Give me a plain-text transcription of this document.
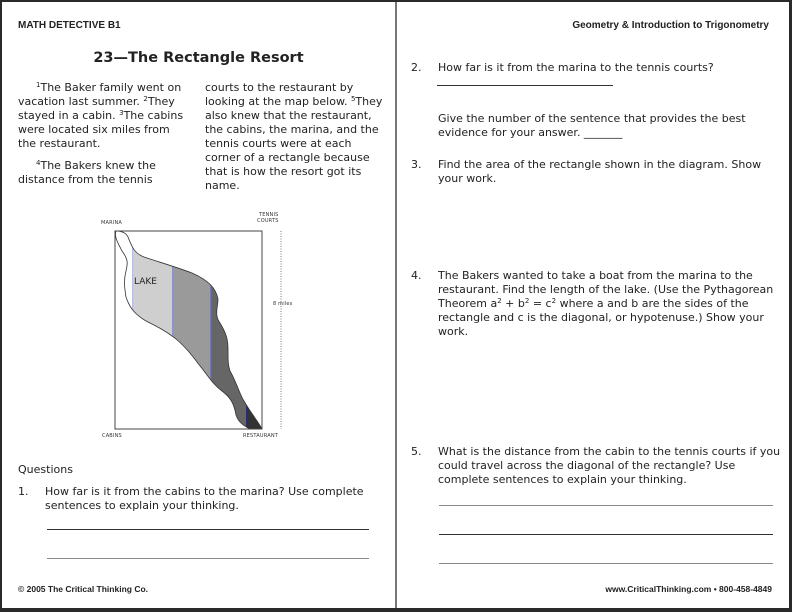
MATH DETECTIVE B1	Geometry & Introduction to Trigonometry
23—The Rectangle Resort

$^1$The Baker family went on vacation last summer. $^2$They stayed in a cabin. $^3$The cabins were located six miles from the restaurant.

$^4$The Bakers knew the distance from the tennis

courts to the restaurant by looking at the map below. $^5$They also knew that the restaurant, the cabins, the marina, and the tennis courts were at each corner of a rectangle because that is how the resort got its name.

MARINA
TENNIS
COURTS
CABINS	RESTAURANT
8 miles
LAKE
Questions
1. How far is it from the cabins to the marina? Use complete sentences to explain your thinking.
2. How far is it from the marina to the tennis courts?
Give the number of the sentence that provides the best evidence for your answer. _______
3. Find the area of the rectangle shown in the diagram. Show your work.
4. The Bakers wanted to take a boat from the marina to the restaurant. Find the length of the lake. (Use the Pythagorean Theorem $a^2 + b^2 = c^2$ where a and b are the sides of the rectangle and c is the diagonal, or hypotenuse.) Show your work.
5. What is the distance from the cabin to the tennis courts if you could travel across the diagonal of the rectangle? Use complete sentences to explain your thinking.
© 2005 The Critical Thinking Co.	www.CriticalThinking.com • 800-458-4849
